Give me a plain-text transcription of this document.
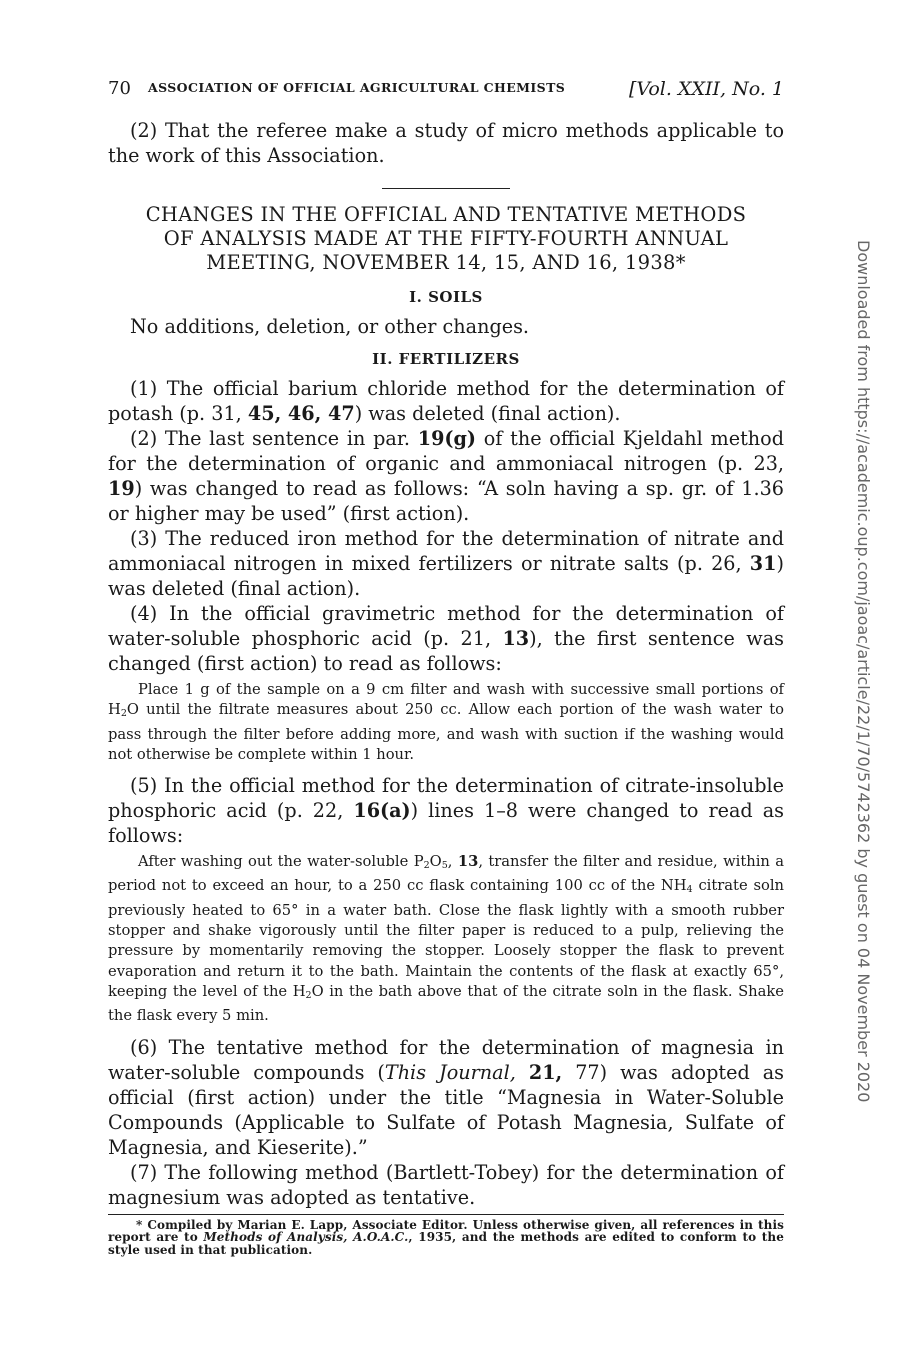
70 ASSOCIATION OF OFFICIAL AGRICULTURAL CHEMISTS	[Vol. XXII, No. 1

(2) That the referee make a study of micro methods applicable to the work of this Association.

CHANGES IN THE OFFICIAL AND TENTATIVE METHODS
OF ANALYSIS MADE AT THE FIFTY-FOURTH ANNUAL
MEETING, NOVEMBER 14, 15, AND 16, 1938*
I. SOILS

No additions, deletion, or other changes.

II. FERTILIZERS

(1) The official barium chloride method for the determination of potash (p. 31, 45, 46, 47) was deleted (final action).

(2) The last sentence in par. 19(g) of the official Kjeldahl method for the determination of organic and ammoniacal nitrogen (p. 23, 19) was changed to read as follows: “A soln having a sp. gr. of 1.36 or higher may be used” (first action).

(3) The reduced iron method for the determination of nitrate and ammoniacal nitrogen in mixed fertilizers or nitrate salts (p. 26, 31) was deleted (final action).

(4) In the official gravimetric method for the determination of water-soluble phosphoric acid (p. 21, 13), the first sentence was changed (first action) to read as follows:

Place 1 g of the sample on a 9 cm filter and wash with successive small portions of $H_2O$ until the filtrate measures about 250 cc. Allow each portion of the wash water to pass through the filter before adding more, and wash with suction if the washing would not otherwise be complete within 1 hour.

(5) In the official method for the determination of citrate-insoluble phosphoric acid (p. 22, 16(a)) lines 1–8 were changed to read as follows:

After washing out the water-soluble $P_2O_5$, 13, transfer the filter and residue, within a period not to exceed an hour, to a 250 cc flask containing 100 cc of the $NH_4$ citrate soln previously heated to 65° in a water bath. Close the flask lightly with a smooth rubber stopper and shake vigorously until the filter paper is reduced to a pulp, relieving the pressure by momentarily removing the stopper. Loosely stopper the flask to prevent evaporation and return it to the bath. Maintain the contents of the flask at exactly 65°, keeping the level of the $H_2O$ in the bath above that of the citrate soln in the flask. Shake the flask every 5 min.

(6) The tentative method for the determination of magnesia in water-soluble compounds (This Journal, 21, 77) was adopted as official (first action) under the title “Magnesia in Water-Soluble Compounds (Applicable to Sulfate of Potash Magnesia, Sulfate of Magnesia, and Kieserite).”

(7) The following method (Bartlett-Tobey) for the determination of magnesium was adopted as tentative.

* Compiled by Marian E. Lapp, Associate Editor. Unless otherwise given, all references in this report are to Methods of Analysis, A.O.A.C., 1935, and the methods are edited to conform to the style used in that publication.
Downloaded from https://academic.oup.com/jaoac/article/22/1/70/5742362 by guest on 04 November 2020
